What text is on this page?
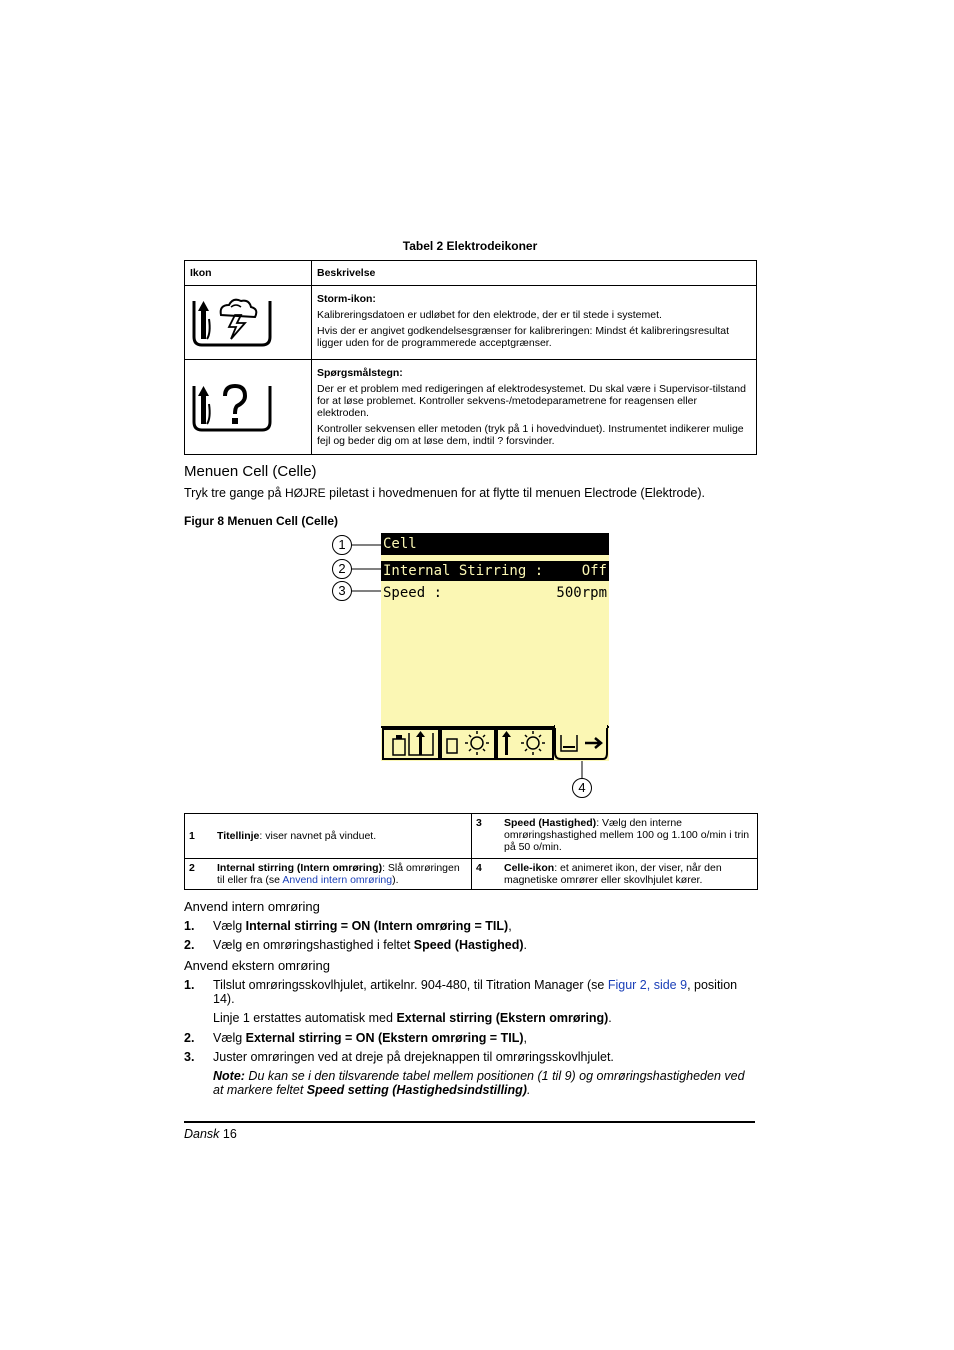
Tabel 2 Elektrodeikoner
Ikon	Beskrivelse

Storm-ikon:
Kalibreringsdatoen er udløbet for den elektrode, der er til stede i systemet.
Hvis der er angivet godkendelsesgrænser for kalibreringen: Mindst ét kalibreringsresultat ligger uden for de programmerede acceptgrænser.

Spørgsmålstegn:
Der er et problem med redigeringen af elektrodesystemet. Du skal være i Supervisor-tilstand for at løse problemet. Kontroller sekvens-/metodeparametrene for reagensen eller elektroden.
Kontroller sekvensen eller metoden (tryk på 1 i hovedvinduet). Instrumentet indikerer mulige fejl og beder dig om at løse dem, indtil ? forsvinder.
Menuen Cell (Celle)
Tryk tre gange på HØJRE piletast i hovedmenuen for at flytte til menuen Electrode (Elektrode).
Figur 8 Menuen Cell (Celle)
1
2
3
4
Cell
Internal Stirring :	Off
Speed :	500rpm
1	Titellinje: viser navnet på vinduet.	3	Speed (Hastighed): Vælg den interne omrøringshastighed mellem 100 og 1.100 o/min i trin på 50 o/min.
2	Internal stirring (Intern omrøring): Slå omrøringen til eller fra (se Anvend intern omrøring).	4	Celle-ikon: et animeret ikon, der viser, når den magnetiske omrører eller skovlhjulet kører.
Anvend intern omrøring
1. Vælg Internal stirring = ON (Intern omrøring = TIL),
2. Vælg en omrøringshastighed i feltet Speed (Hastighed).
Anvend ekstern omrøring
1. Tilslut omrøringsskovlhjulet, artikelnr. 904-480, til Titration Manager (se Figur 2, side 9, position 14).
Linje 1 erstattes automatisk med External stirring (Ekstern omrøring).
2. Vælg External stirring = ON (Ekstern omrøring = TIL),
3. Juster omrøringen ved at dreje på drejeknappen til omrøringsskovlhjulet.
Note: Du kan se i den tilsvarende tabel mellem positionen (1 til 9) og omrøringshastigheden ved at markere feltet Speed setting (Hastighedsindstilling).
Dansk 16
